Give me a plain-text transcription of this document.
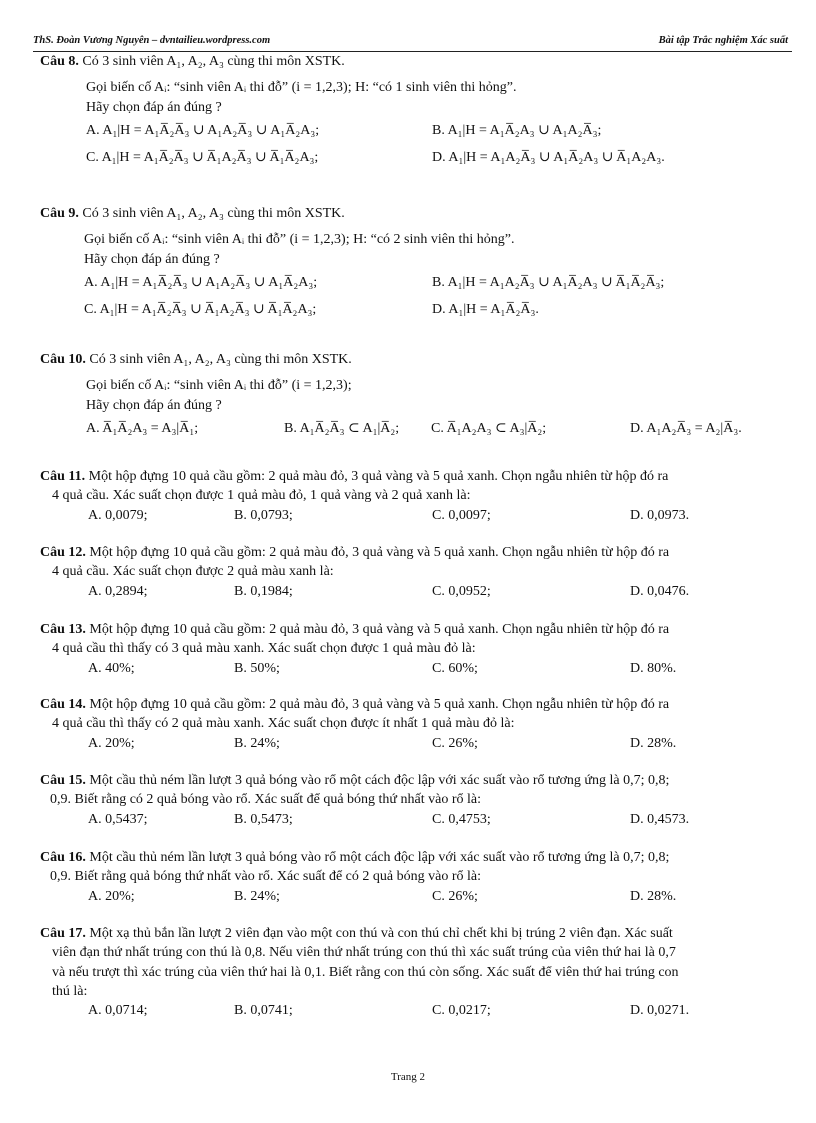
ThS. Đoàn Vương Nguyên – dvntailieu.wordpress.com	Bài tập Trắc nghiệm Xác suất
Câu 8. Có 3 sinh viên A₁, A₂, A₃ cùng thi môn XSTK.
Gọi biến cố Aᵢ: “sinh viên Aᵢ thi đỗ” (i = 1,2,3); H: “có 1 sinh viên thi hỏng”.
Hãy chọn đáp án đúng ?
A. A₁|H = A₁A̅₂A̅₃ ∪ A₁A₂A̅₃ ∪ A₁A̅₂A₃;	B. A₁|H = A₁A̅₂A₃ ∪ A₁A₂A̅₃;
C. A₁|H = A₁A̅₂A̅₃ ∪ A̅₁A₂A̅₃ ∪ A̅₁A̅₂A₃;	D. A₁|H = A₁A₂A̅₃ ∪ A₁A̅₂A₃ ∪ A̅₁A₂A₃.
Câu 9. Có 3 sinh viên A₁, A₂, A₃ cùng thi môn XSTK.
Gọi biến cố Aᵢ: “sinh viên Aᵢ thi đỗ” (i = 1,2,3); H: “có 2 sinh viên thi hỏng”.
Hãy chọn đáp án đúng ?
A. A₁|H = A₁A̅₂A̅₃ ∪ A₁A₂A̅₃ ∪ A₁A̅₂A₃;	B. A₁|H = A₁A₂A̅₃ ∪ A₁A̅₂A₃ ∪ A̅₁A̅₂A̅₃;
C. A₁|H = A₁A̅₂A̅₃ ∪ A̅₁A₂A̅₃ ∪ A̅₁A̅₂A₃;	D. A₁|H = A₁A̅₂A̅₃.
Câu 10. Có 3 sinh viên A₁, A₂, A₃ cùng thi môn XSTK.
Gọi biến cố Aᵢ: “sinh viên Aᵢ thi đỗ” (i = 1,2,3);
Hãy chọn đáp án đúng ?
A. A̅₁A̅₂A₃ = A₃|A̅₁;	B. A₁A̅₂A̅₃ ⊂ A₁|A̅₂; C. A̅₁A₂A₃ ⊂ A₃|A̅₂;	D. A₁A₂A̅₃ = A₂|A̅₃.
Câu 11. Một hộp đựng 10 quả cầu gồm: 2 quả màu đỏ, 3 quả vàng và 5 quả xanh. Chọn ngẫu nhiên từ hộp đó ra
4 quả cầu. Xác suất chọn được 1 quả màu đỏ, 1 quả vàng và 2 quả xanh là:
A. 0,0079;	B. 0,0793;	C. 0,0097;	D. 0,0973.
Câu 12. Một hộp đựng 10 quả cầu gồm: 2 quả màu đỏ, 3 quả vàng và 5 quả xanh. Chọn ngẫu nhiên từ hộp đó ra
4 quả cầu. Xác suất chọn được 2 quả màu xanh là:
A. 0,2894;	B. 0,1984;	C. 0,0952;	D. 0,0476.
Câu 13. Một hộp đựng 10 quả cầu gồm: 2 quả màu đỏ, 3 quả vàng và 5 quả xanh. Chọn ngẫu nhiên từ hộp đó ra
4 quả cầu thì thấy có 3 quả màu xanh. Xác suất chọn được 1 quả màu đỏ là:
A. 40%;	B. 50%;	C. 60%;	D. 80%.
Câu 14. Một hộp đựng 10 quả cầu gồm: 2 quả màu đỏ, 3 quả vàng và 5 quả xanh. Chọn ngẫu nhiên từ hộp đó ra
4 quả cầu thì thấy có 2 quả màu xanh. Xác suất chọn được ít nhất 1 quả màu đỏ là:
A. 20%;	B. 24%;	C. 26%;	D. 28%.
Câu 15. Một cầu thủ ném lần lượt 3 quả bóng vào rổ một cách độc lập với xác suất vào rổ tương ứng là 0,7; 0,8;
0,9. Biết rằng có 2 quả bóng vào rổ. Xác suất để quả bóng thứ nhất vào rổ là:
A. 0,5437;	B. 0,5473;	C. 0,4753;	D. 0,4573.
Câu 16. Một cầu thủ ném lần lượt 3 quả bóng vào rổ một cách độc lập với xác suất vào rổ tương ứng là 0,7; 0,8;
0,9. Biết rằng quả bóng thứ nhất vào rổ. Xác suất để có 2 quả bóng vào rổ là:
A. 20%;	B. 24%;	C. 26%;	D. 28%.
Câu 17. Một xạ thủ bắn lần lượt 2 viên đạn vào một con thú và con thú chỉ chết khi bị trúng 2 viên đạn. Xác suất
viên đạn thứ nhất trúng con thú là 0,8. Nếu viên thứ nhất trúng con thú thì xác suất trúng của viên thứ hai là 0,7
và nếu trượt thì xác trúng của viên thứ hai là 0,1. Biết rằng con thú còn sống. Xác suất để viên thứ hai trúng con
thú là:
A. 0,0714;	B. 0,0741;	C. 0,0217;	D. 0,0271.
Trang 2
